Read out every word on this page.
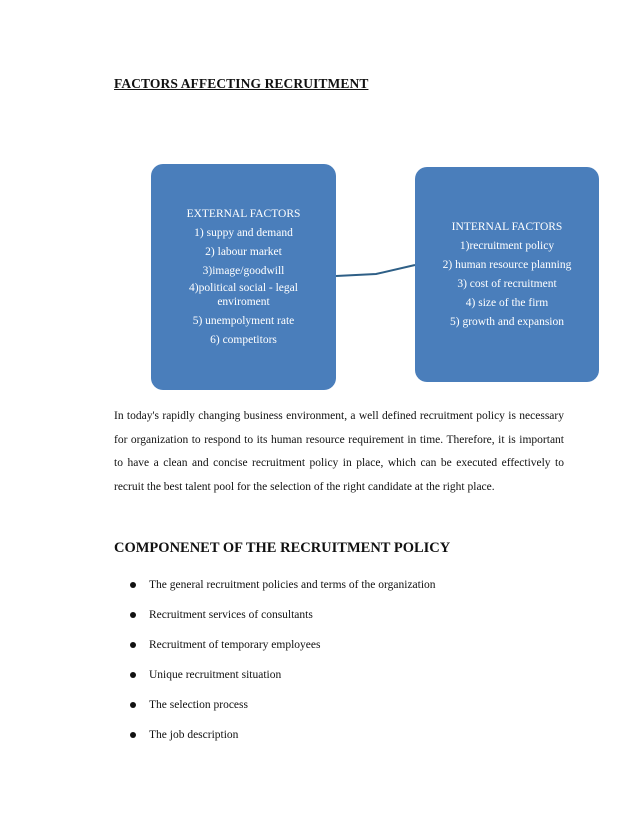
FACTORS AFFECTING RECRUITMENT
EXTERNAL FACTORS
1) suppy and demand
2) labour market
3)image/goodwill
4)political social - legal enviroment
5) unempolyment rate
6) competitors
INTERNAL FACTORS
1)recruitment policy
2) human resource planning
3) cost of recruitment
4) size of the firm
5) growth and expansion
In today's rapidly changing business environment, a well defined recruitment policy is necessary for organization to respond to its human resource requirement in time. Therefore, it is important to have a clean and concise recruitment policy in place, which can be executed effectively to recruit the best talent pool for the selection of the right candidate at the right place.
COMPONENET OF THE RECRUITMENT POLICY
The general recruitment policies and terms of the organization
Recruitment services of consultants
Recruitment of temporary employees
Unique recruitment situation
The selection process
The job description
